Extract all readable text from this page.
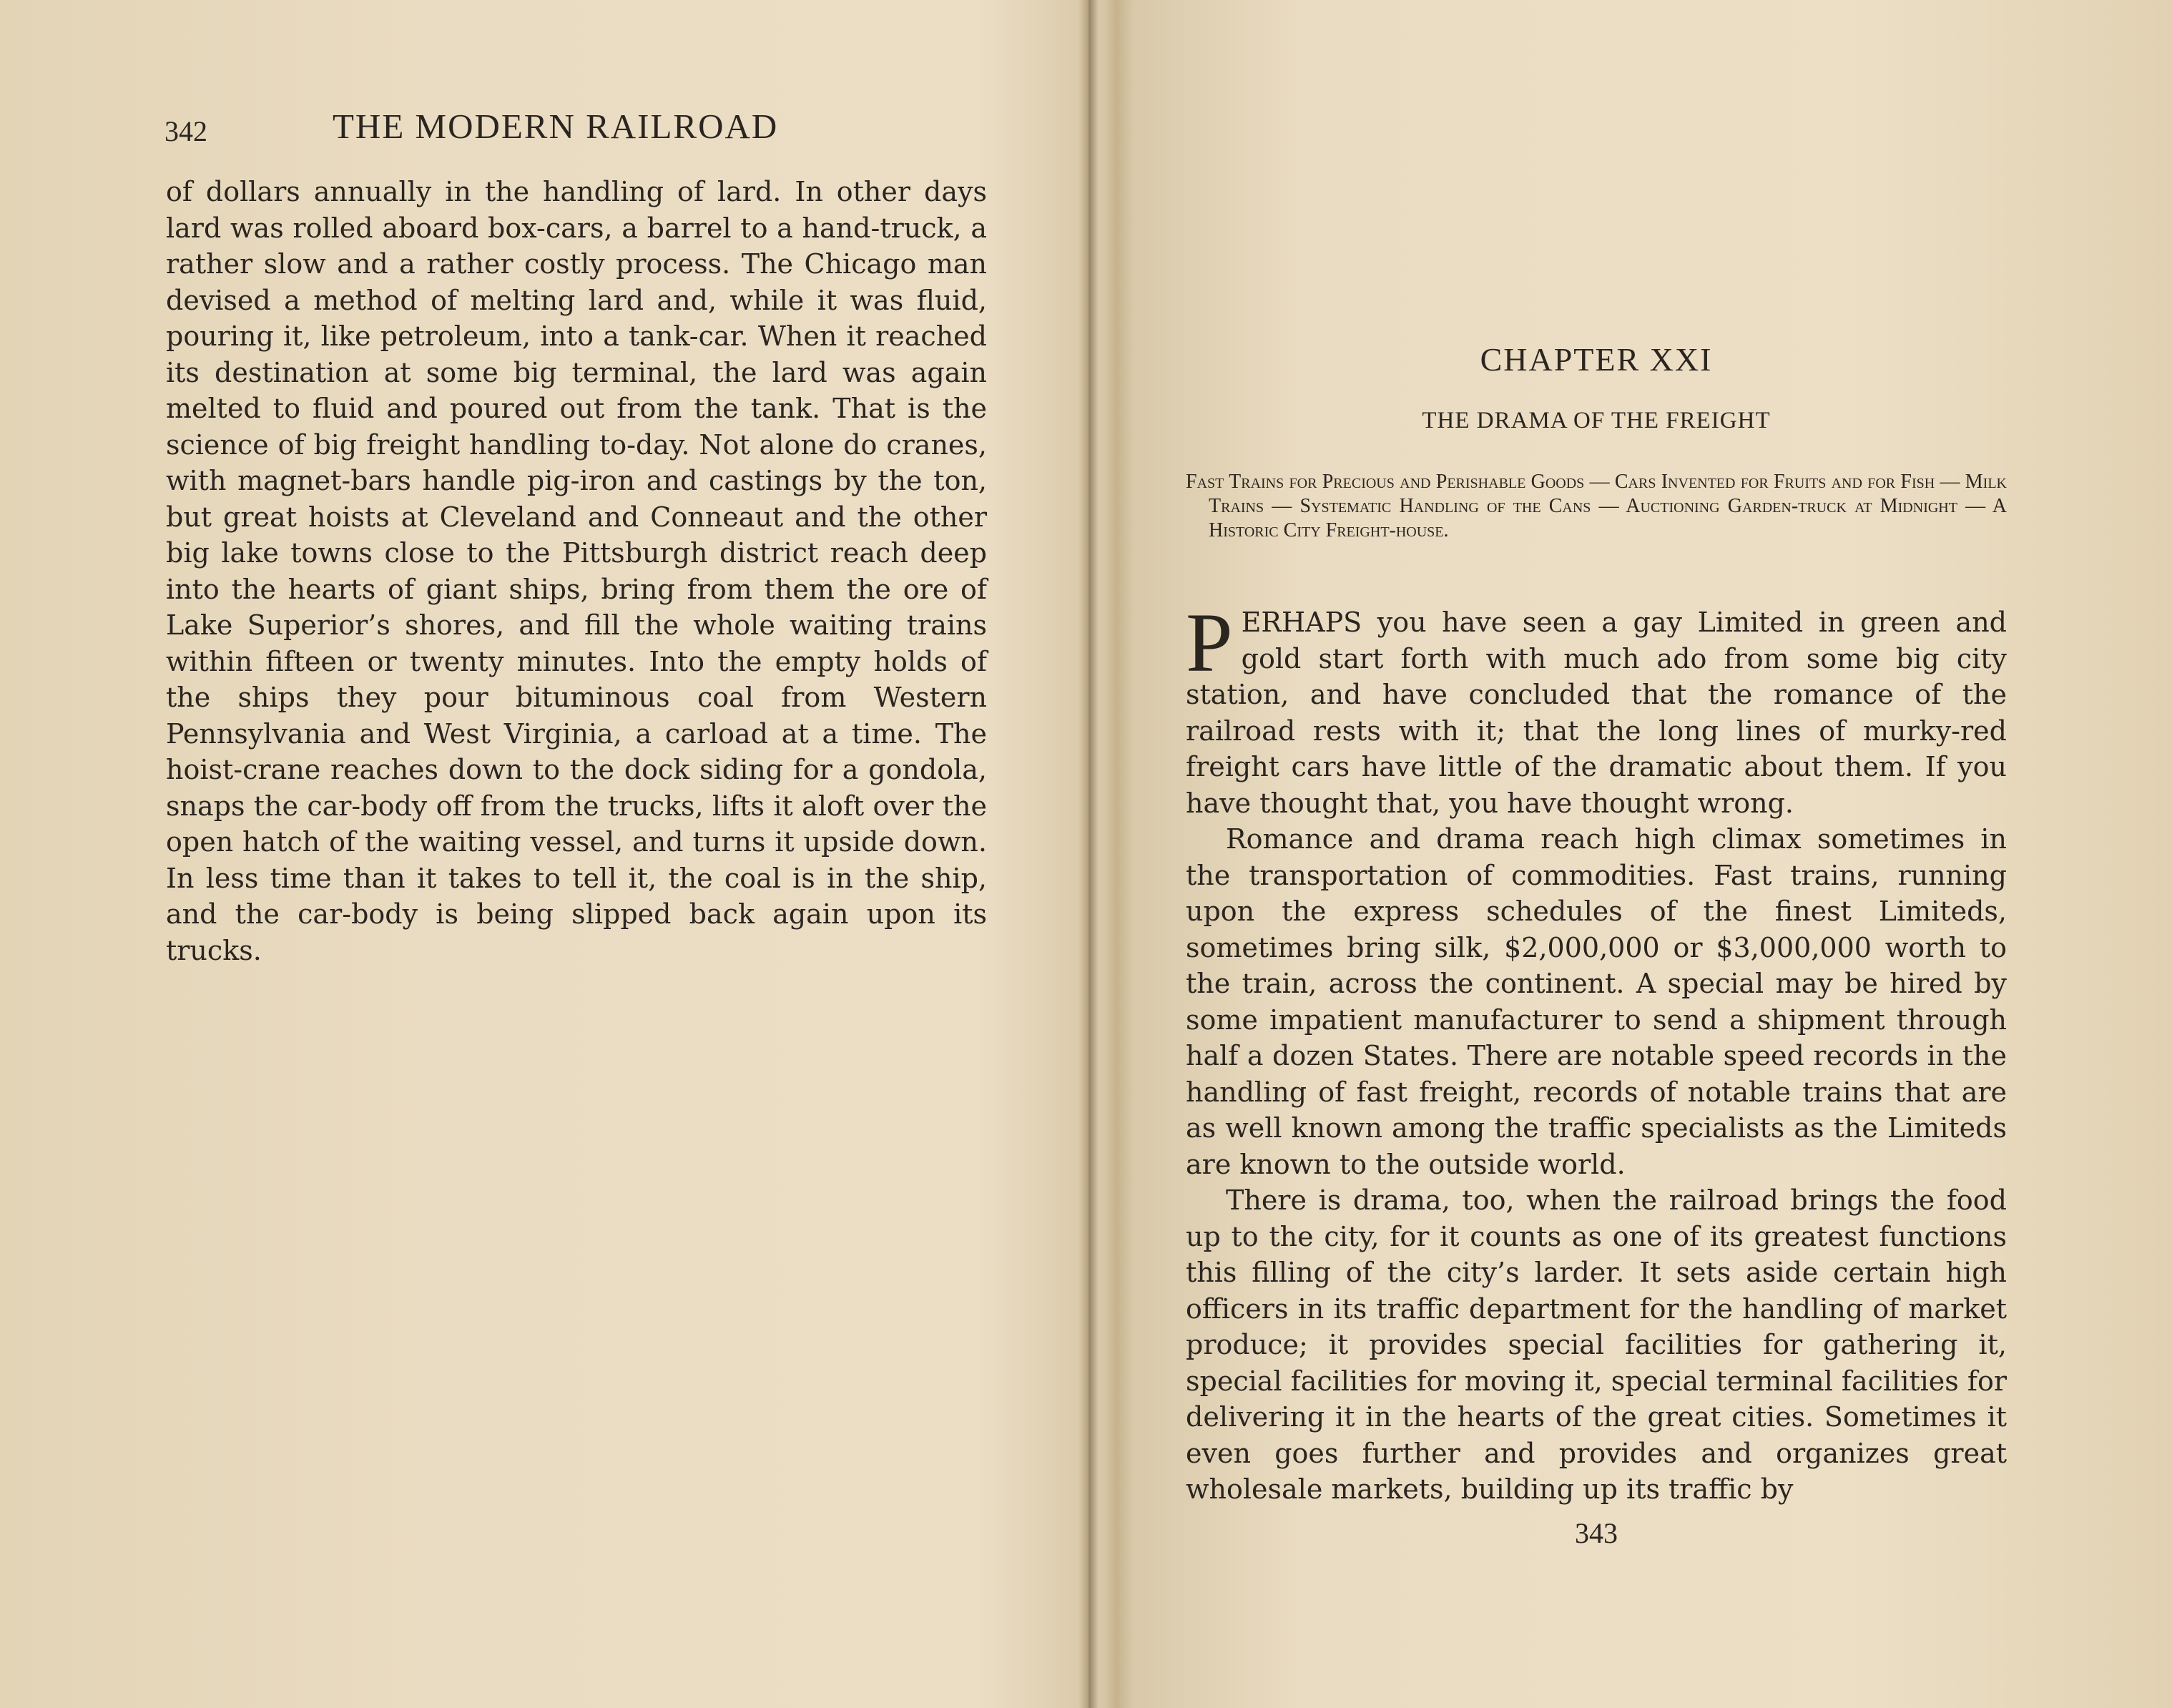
342	THE MODERN RAILROAD

of dollars annually in the handling of lard. In other days lard was rolled aboard box-cars, a barrel to a hand-truck, a rather slow and a rather costly process. The Chicago man devised a method of melting lard and, while it was fluid, pouring it, like petroleum, into a tank-car. When it reached its destination at some big terminal, the lard was again melted to fluid and poured out from the tank. That is the science of big freight handling to-day. Not alone do cranes, with magnet-bars handle pig-iron and castings by the ton, but great hoists at Cleveland and Conneaut and the other big lake towns close to the Pittsburgh district reach deep into the hearts of giant ships, bring from them the ore of Lake Superior’s shores, and fill the whole waiting trains within fifteen or twenty minutes. Into the empty holds of the ships they pour bituminous coal from Western Pennsylvania and West Virginia, a carload at a time. The hoist-crane reaches down to the dock siding for a gondola, snaps the car-body off from the trucks, lifts it aloft over the open hatch of the waiting vessel, and turns it upside down. In less time than it takes to tell it, the coal is in the ship, and the car-body is being slipped back again upon its trucks.

CHAPTER XXI
THE DRAMA OF THE FREIGHT
Fast Trains for Precious and Perishable Goods — Cars Invented for Fruits and for Fish — Milk Trains — Systematic Handling of the Cans — Auctioning Garden-truck at Midnight — A Historic City Freight-house.

PERHAPS you have seen a gay Limited in green and gold start forth with much ado from some big city station, and have concluded that the romance of the railroad rests with it; that the long lines of murky-red freight cars have little of the dramatic about them. If you have thought that, you have thought wrong.

Romance and drama reach high climax sometimes in the transportation of commodities. Fast trains, running upon the express schedules of the finest Limiteds, sometimes bring silk, $2,000,000 or $3,000,000 worth to the train, across the continent. A special may be hired by some impatient manufacturer to send a shipment through half a dozen States. There are notable speed records in the handling of fast freight, records of notable trains that are as well known among the traffic specialists as the Limiteds are known to the outside world.

There is drama, too, when the railroad brings the food up to the city, for it counts as one of its greatest functions this filling of the city’s larder. It sets aside certain high officers in its traffic department for the handling of market produce; it provides special facilities for gathering it, special facilities for moving it, special terminal facilities for delivering it in the hearts of the great cities. Sometimes it even goes further and provides and organizes great wholesale markets, building up its traffic by

343
